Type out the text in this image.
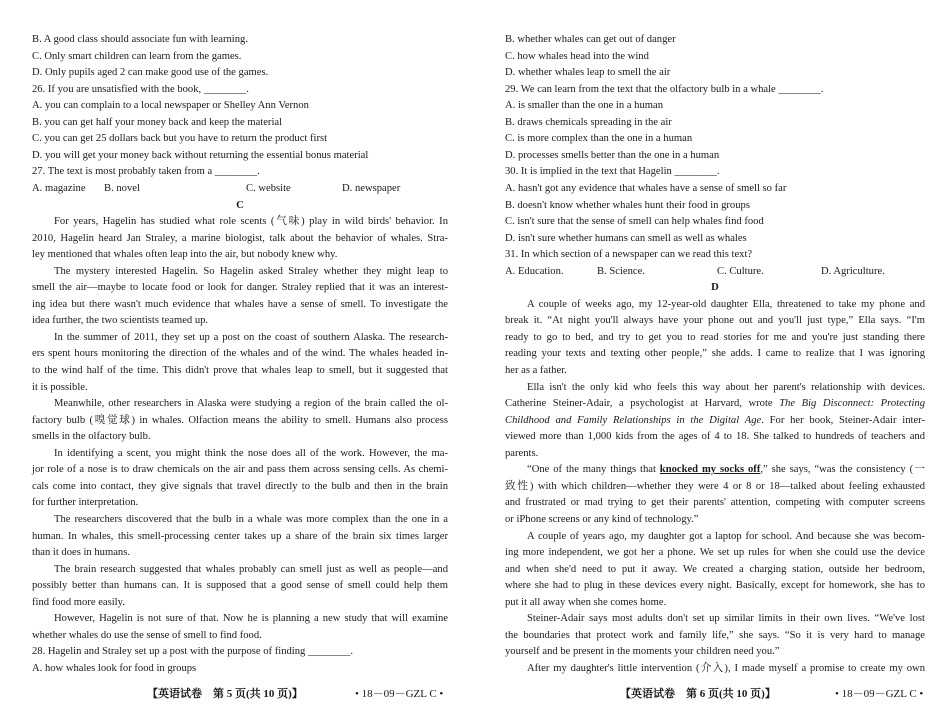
B. A good class should associate fun with learning.
C. Only smart children can learn from the games.
D. Only pupils aged 2 can make good use of the games.
26. If you are unsatisfied with the book, ________.
A. you can complain to a local newspaper or Shelley Ann Vernon
B. you can get half your money back and keep the material
C. you can get 25 dollars back but you have to return the product first
D. you will get your money back without returning the essential bonus material
27. The text is most probably taken from a ________.
A. magazine B. novel	C. website	D. newspaper
C
For years, Hagelin has studied what role scents (气味) play in wild birds' behavior. In
2010, Hagelin heard Jan Straley, a marine biologist, talk about the behavior of whales. Stra-
ley mentioned that whales often leap into the air, but nobody knew why.
The mystery interested Hagelin. So Hagelin asked Straley whether they might leap to
smell the air—maybe to locate food or look for danger. Straley replied that it was an interest-
ing idea but there wasn't much evidence that whales have a sense of smell. To investigate the
idea further, the two scientists teamed up.
In the summer of 2011, they set up a post on the coast of southern Alaska. The research-
ers spent hours monitoring the direction of the whales and of the wind. The whales headed in-
to the wind half of the time. This didn't prove that whales leap to smell, but it suggested that
it is possible.
Meanwhile, other researchers in Alaska were studying a region of the brain called the ol-
factory bulb (嗅觉球) in whales. Olfaction means the ability to smell. Humans also process
smells in the olfactory bulb.
In identifying a scent, you might think the nose does all of the work. However, the ma-
jor role of a nose is to draw chemicals on the air and pass them across sensing cells. As chemi-
cals come into contact, they give signals that travel directly to the bulb and then in the brain
for further interpretation.
The researchers discovered that the bulb in a whale was more complex than the one in a
human. In whales, this smell-processing center takes up a share of the brain six times larger
than it does in humans.
The brain research suggested that whales probably can smell just as well as people—and
possibly better than humans can. It is supposed that a good sense of smell could help them
find food more easily.
However, Hagelin is not sure of that. Now he is planning a new study that will examine
whether whales do use the sense of smell to find food.
28. Hagelin and Straley set up a post with the purpose of finding ________.
A. how whales look for food in groups
【英语试卷　第 5 页(共 10 页)】	• 18－09－GZL C •
B. whether whales can get out of danger
C. how whales head into the wind
D. whether whales leap to smell the air
29. We can learn from the text that the olfactory bulb in a whale ________.
A. is smaller than the one in a human
B. draws chemicals spreading in the air
C. is more complex than the one in a human
D. processes smells better than the one in a human
30. It is implied in the text that Hagelin ________.
A. hasn't got any evidence that whales have a sense of smell so far
B. doesn't know whether whales hunt their food in groups
C. isn't sure that the sense of smell can help whales find food
D. isn't sure whether humans can smell as well as whales
31. In which section of a newspaper can we read this text?
A. Education.	B. Science.	C. Culture.	D. Agriculture.
D
A couple of weeks ago, my 12-year-old daughter Ella, threatened to take my phone and
break it. “At night you'll always have your phone out and you'll just type,” Ella says. “I'm
ready to go to bed, and try to get you to read stories for me and you're just standing there
reading your texts and texting other people,” she adds. I came to realize that I was ignoring
her as a father.
Ella isn't the only kid who feels this way about her parent's relationship with devices.
Catherine Steiner-Adair, a psychologist at Harvard, wrote The Big Disconnect: Protecting
Childhood and Family Relationships in the Digital Age. For her book, Steiner-Adair inter-
viewed more than 1,000 kids from the ages of 4 to 18. She talked to hundreds of teachers and
parents.
“One of the many things that knocked my socks off,” she says, “was the consistency (一
致性) with which children—whether they were 4 or 8 or 18—talked about feeling exhausted
and frustrated or mad trying to get their parents' attention, competing with computer screens
or iPhone screens or any kind of technology.”
A couple of years ago, my daughter got a laptop for school. And because she was becom-
ing more independent, we got her a phone. We set up rules for when she could use the device
and when she'd need to put it away. We created a charging station, outside her bedroom,
where she had to plug in these devices every night. Basically, except for homework, she has to
put it all away when she comes home.
Steiner-Adair says most adults don't set up similar limits in their own lives. “We've lost
the boundaries that protect work and family life,” she says. “So it is very hard to manage
yourself and be present in the moments your children need you.”
After my daughter's little intervention (介入), I made myself a promise to create my own
【英语试卷　第 6 页(共 10 页)】	• 18－09－GZL C •
